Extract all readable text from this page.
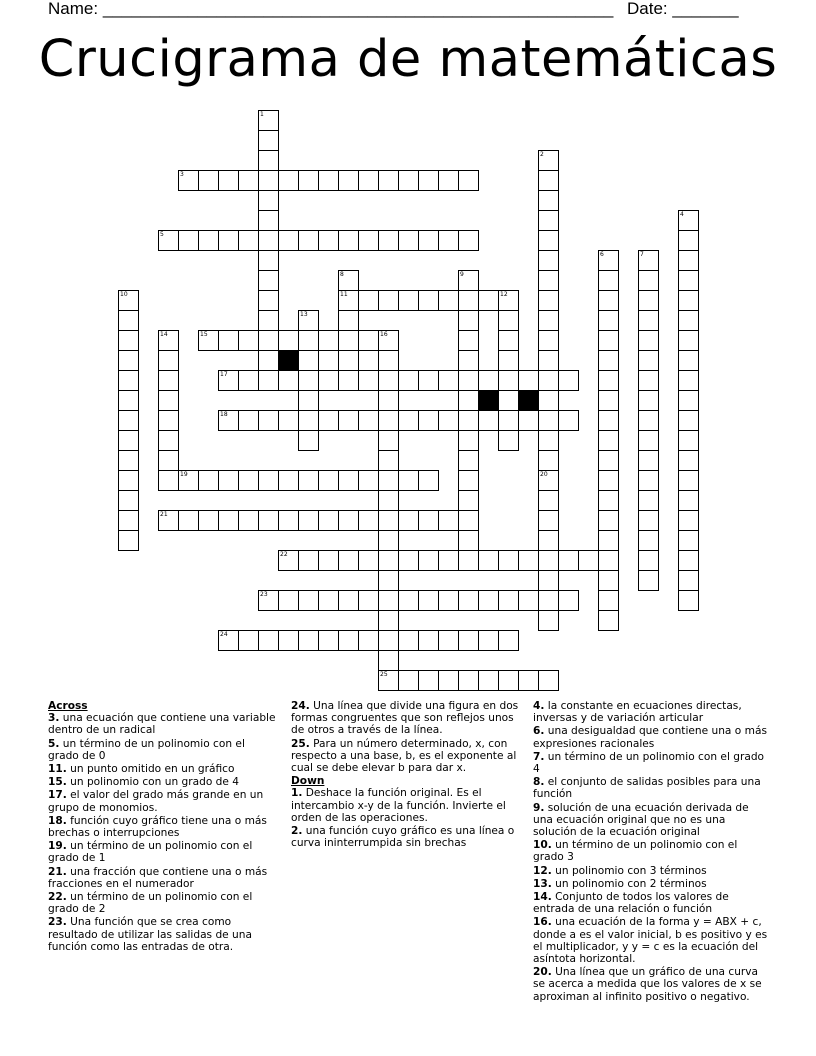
Name: ______________________________________________________ Date: _______
Crucigrama de matemáticas
1
2
3
4
5
6	7
8	9
10	11	12
13
14	15	16
17
18
19	20
21
22
23
24
25
Across
3. una ecuación que contiene una variable dentro de un radical
5. un término de un polinomio con el grado de 0
11. un punto omitido en un gráfico
15. un polinomio con un grado de 4
17. el valor del grado más grande en un grupo de monomios.
18. función cuyo gráfico tiene una o más brechas o interrupciones
19. un término de un polinomio con el grado de 1
21. una fracción que contiene una o más fracciones en el numerador
22. un término de un polinomio con el grado de 2
23. Una función que se crea como resultado de utilizar las salidas de una función como las entradas de otra.
24. Una línea que divide una figura en dos formas congruentes que son reflejos unos de otros a través de la línea.
25. Para un número determinado, x, con respecto a una base, b, es el exponente al cual se debe elevar b para dar x.
Down
1. Deshace la función original. Es el intercambio x-y de la función. Invierte el orden de las operaciones.
2. una función cuyo gráfico es una línea o curva ininterrumpida sin brechas
4. la constante en ecuaciones directas, inversas y de variación articular
6. una desigualdad que contiene una o más expresiones racionales
7. un término de un polinomio con el grado 4
8. el conjunto de salidas posibles para una función
9. solución de una ecuación derivada de una ecuación original que no es una solución de la ecuación original
10. un término de un polinomio con el grado 3
12. un polinomio con 3 términos
13. un polinomio con 2 términos
14. Conjunto de todos los valores de entrada de una relación o función
16. una ecuación de la forma y = ABX + c, donde a es el valor inicial, b es positivo y es el multiplicador, y y = c es la ecuación del asíntota horizontal.
20. Una línea que un gráfico de una curva se acerca a medida que los valores de x se aproximan al infinito positivo o negativo.
